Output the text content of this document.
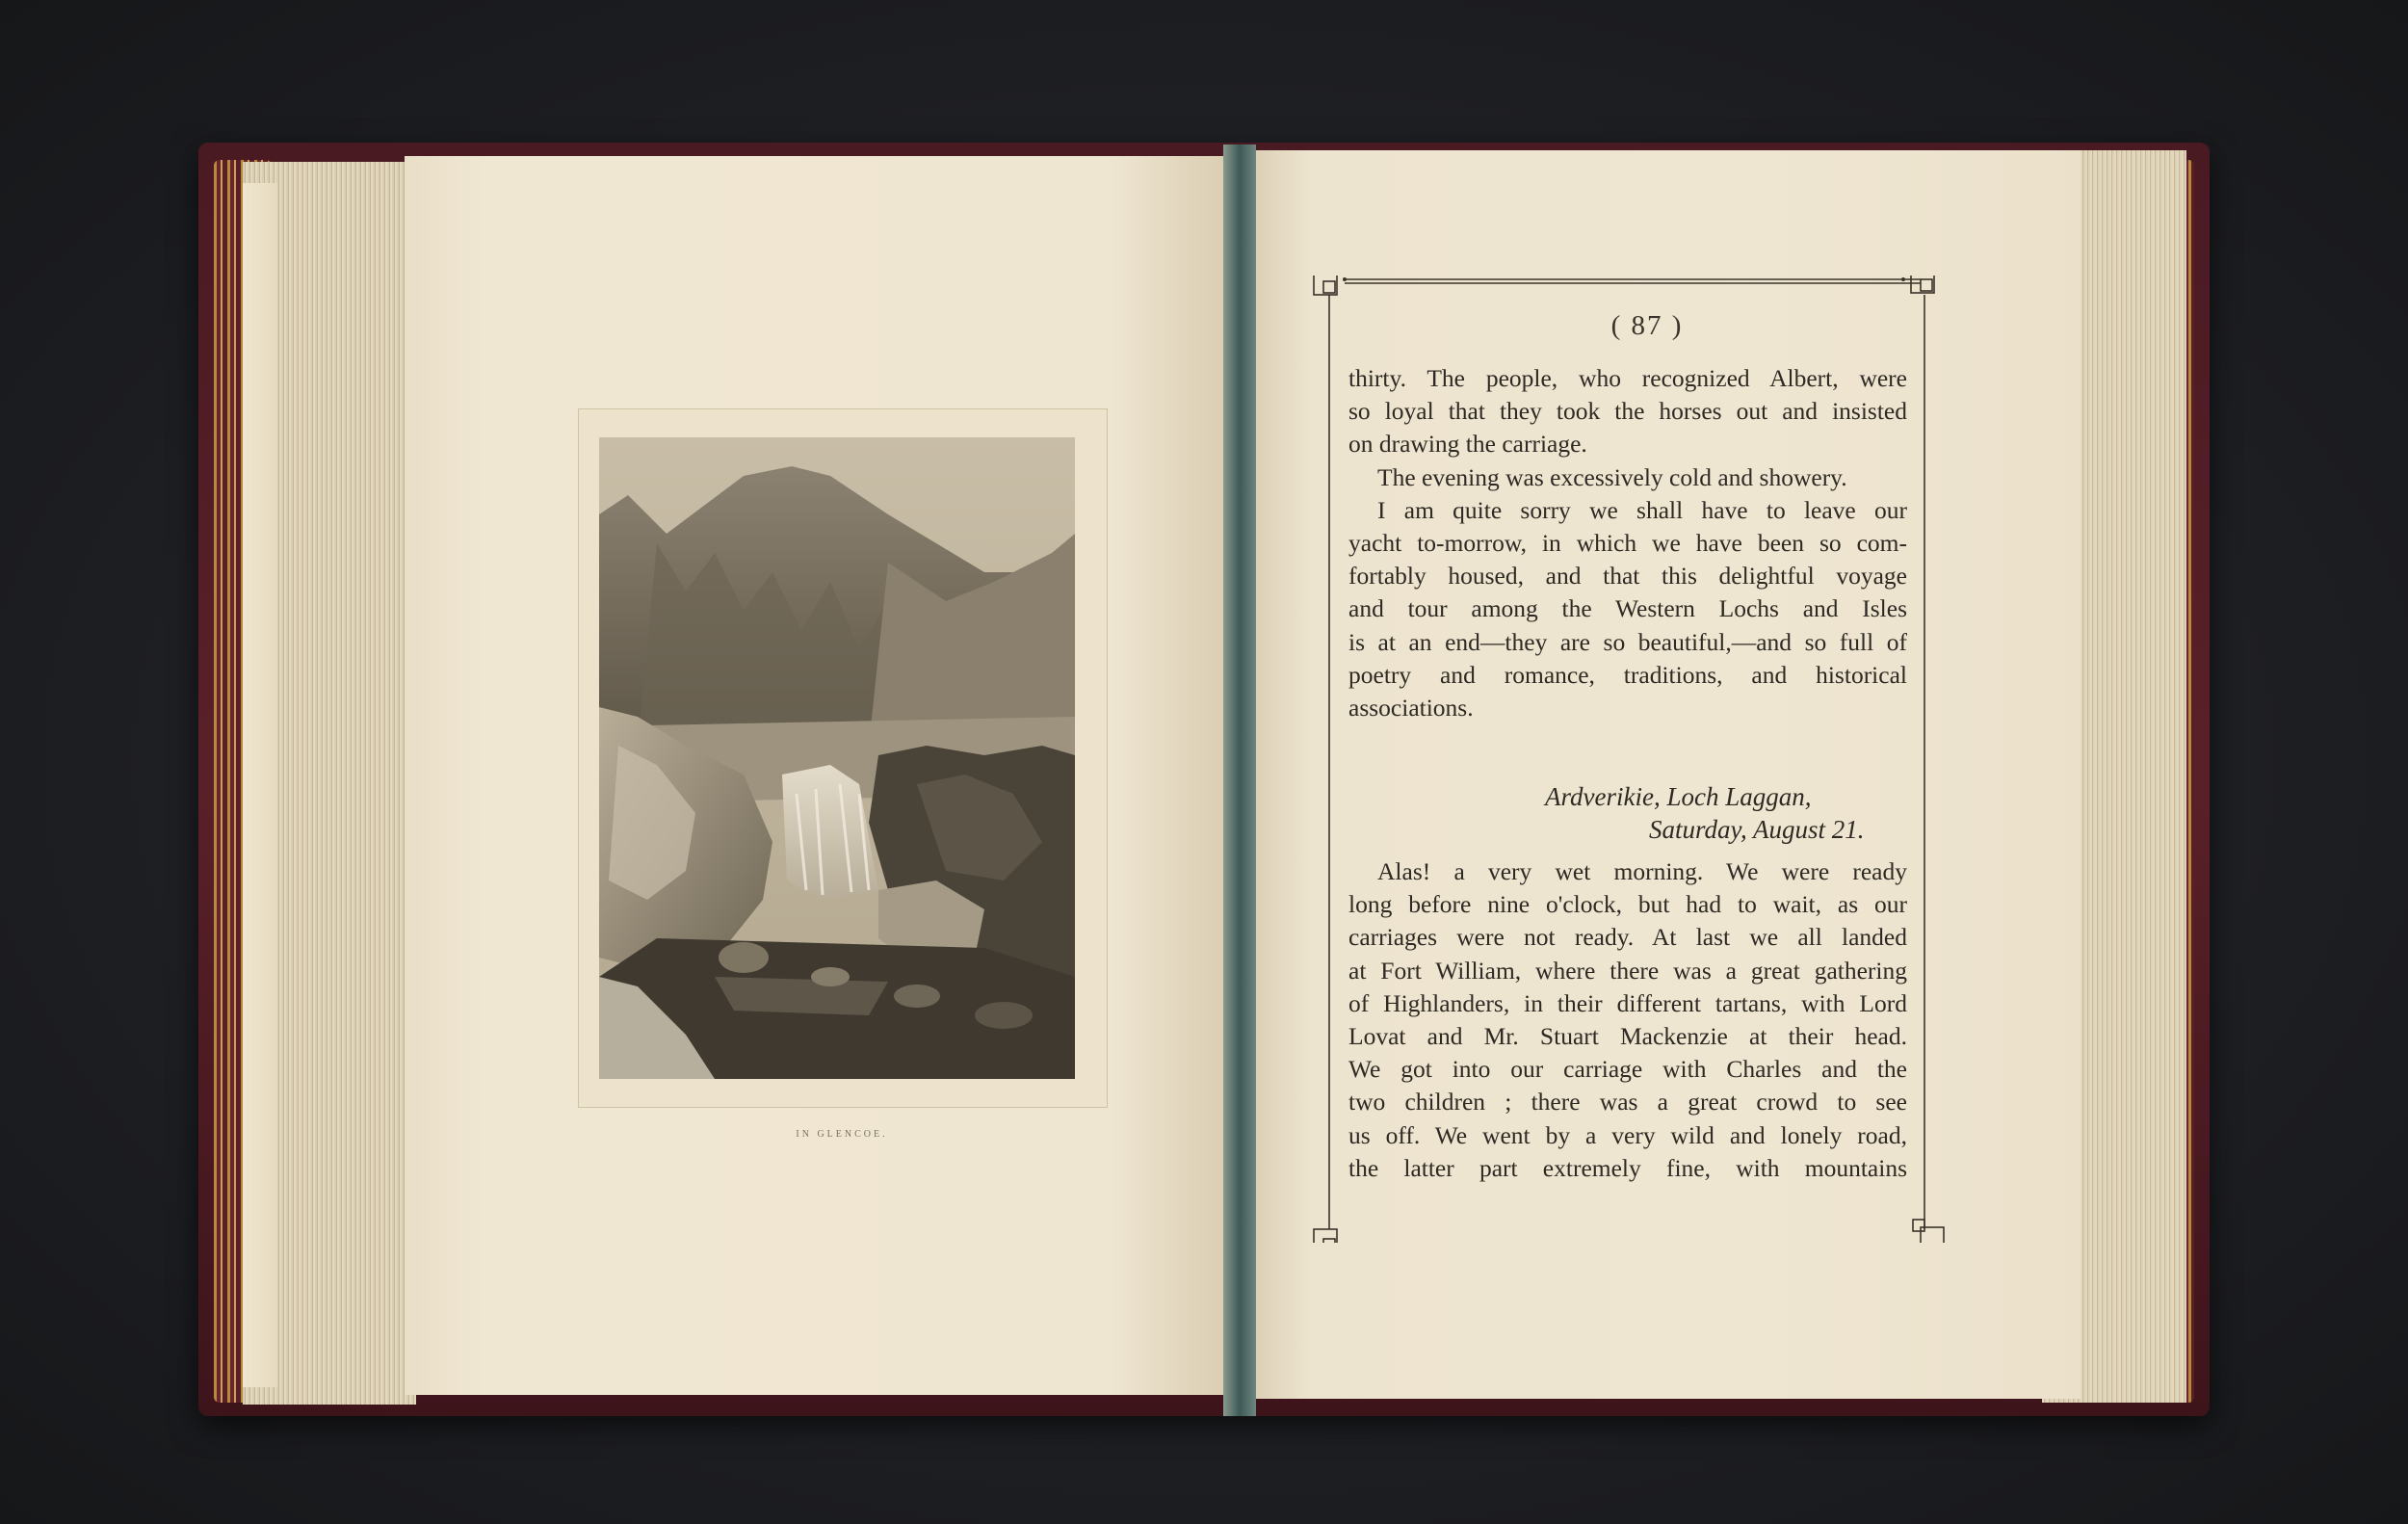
IN GLENCOE.
( 87 )
thirty. The people, who recognized Albert, were
so loyal that they took the horses out and insisted
on drawing the carriage.
The evening was excessively cold and showery.
I am quite sorry we shall have to leave our
yacht to-morrow, in which we have been so com-
fortably housed, and that this delightful voyage
and tour among the Western Lochs and Isles
is at an end—they are so beautiful,—and so full of
poetry and romance, traditions, and historical
associations.
Ardverikie, Loch Laggan,
Saturday, August 21.
Alas! a very wet morning. We were ready
long before nine o'clock, but had to wait, as our
carriages were not ready. At last we all landed
at Fort William, where there was a great gathering
of Highlanders, in their different tartans, with Lord
Lovat and Mr. Stuart Mackenzie at their head.
We got into our carriage with Charles and the
two children ; there was a great crowd to see
us off. We went by a very wild and lonely road,
the latter part extremely fine, with mountains
